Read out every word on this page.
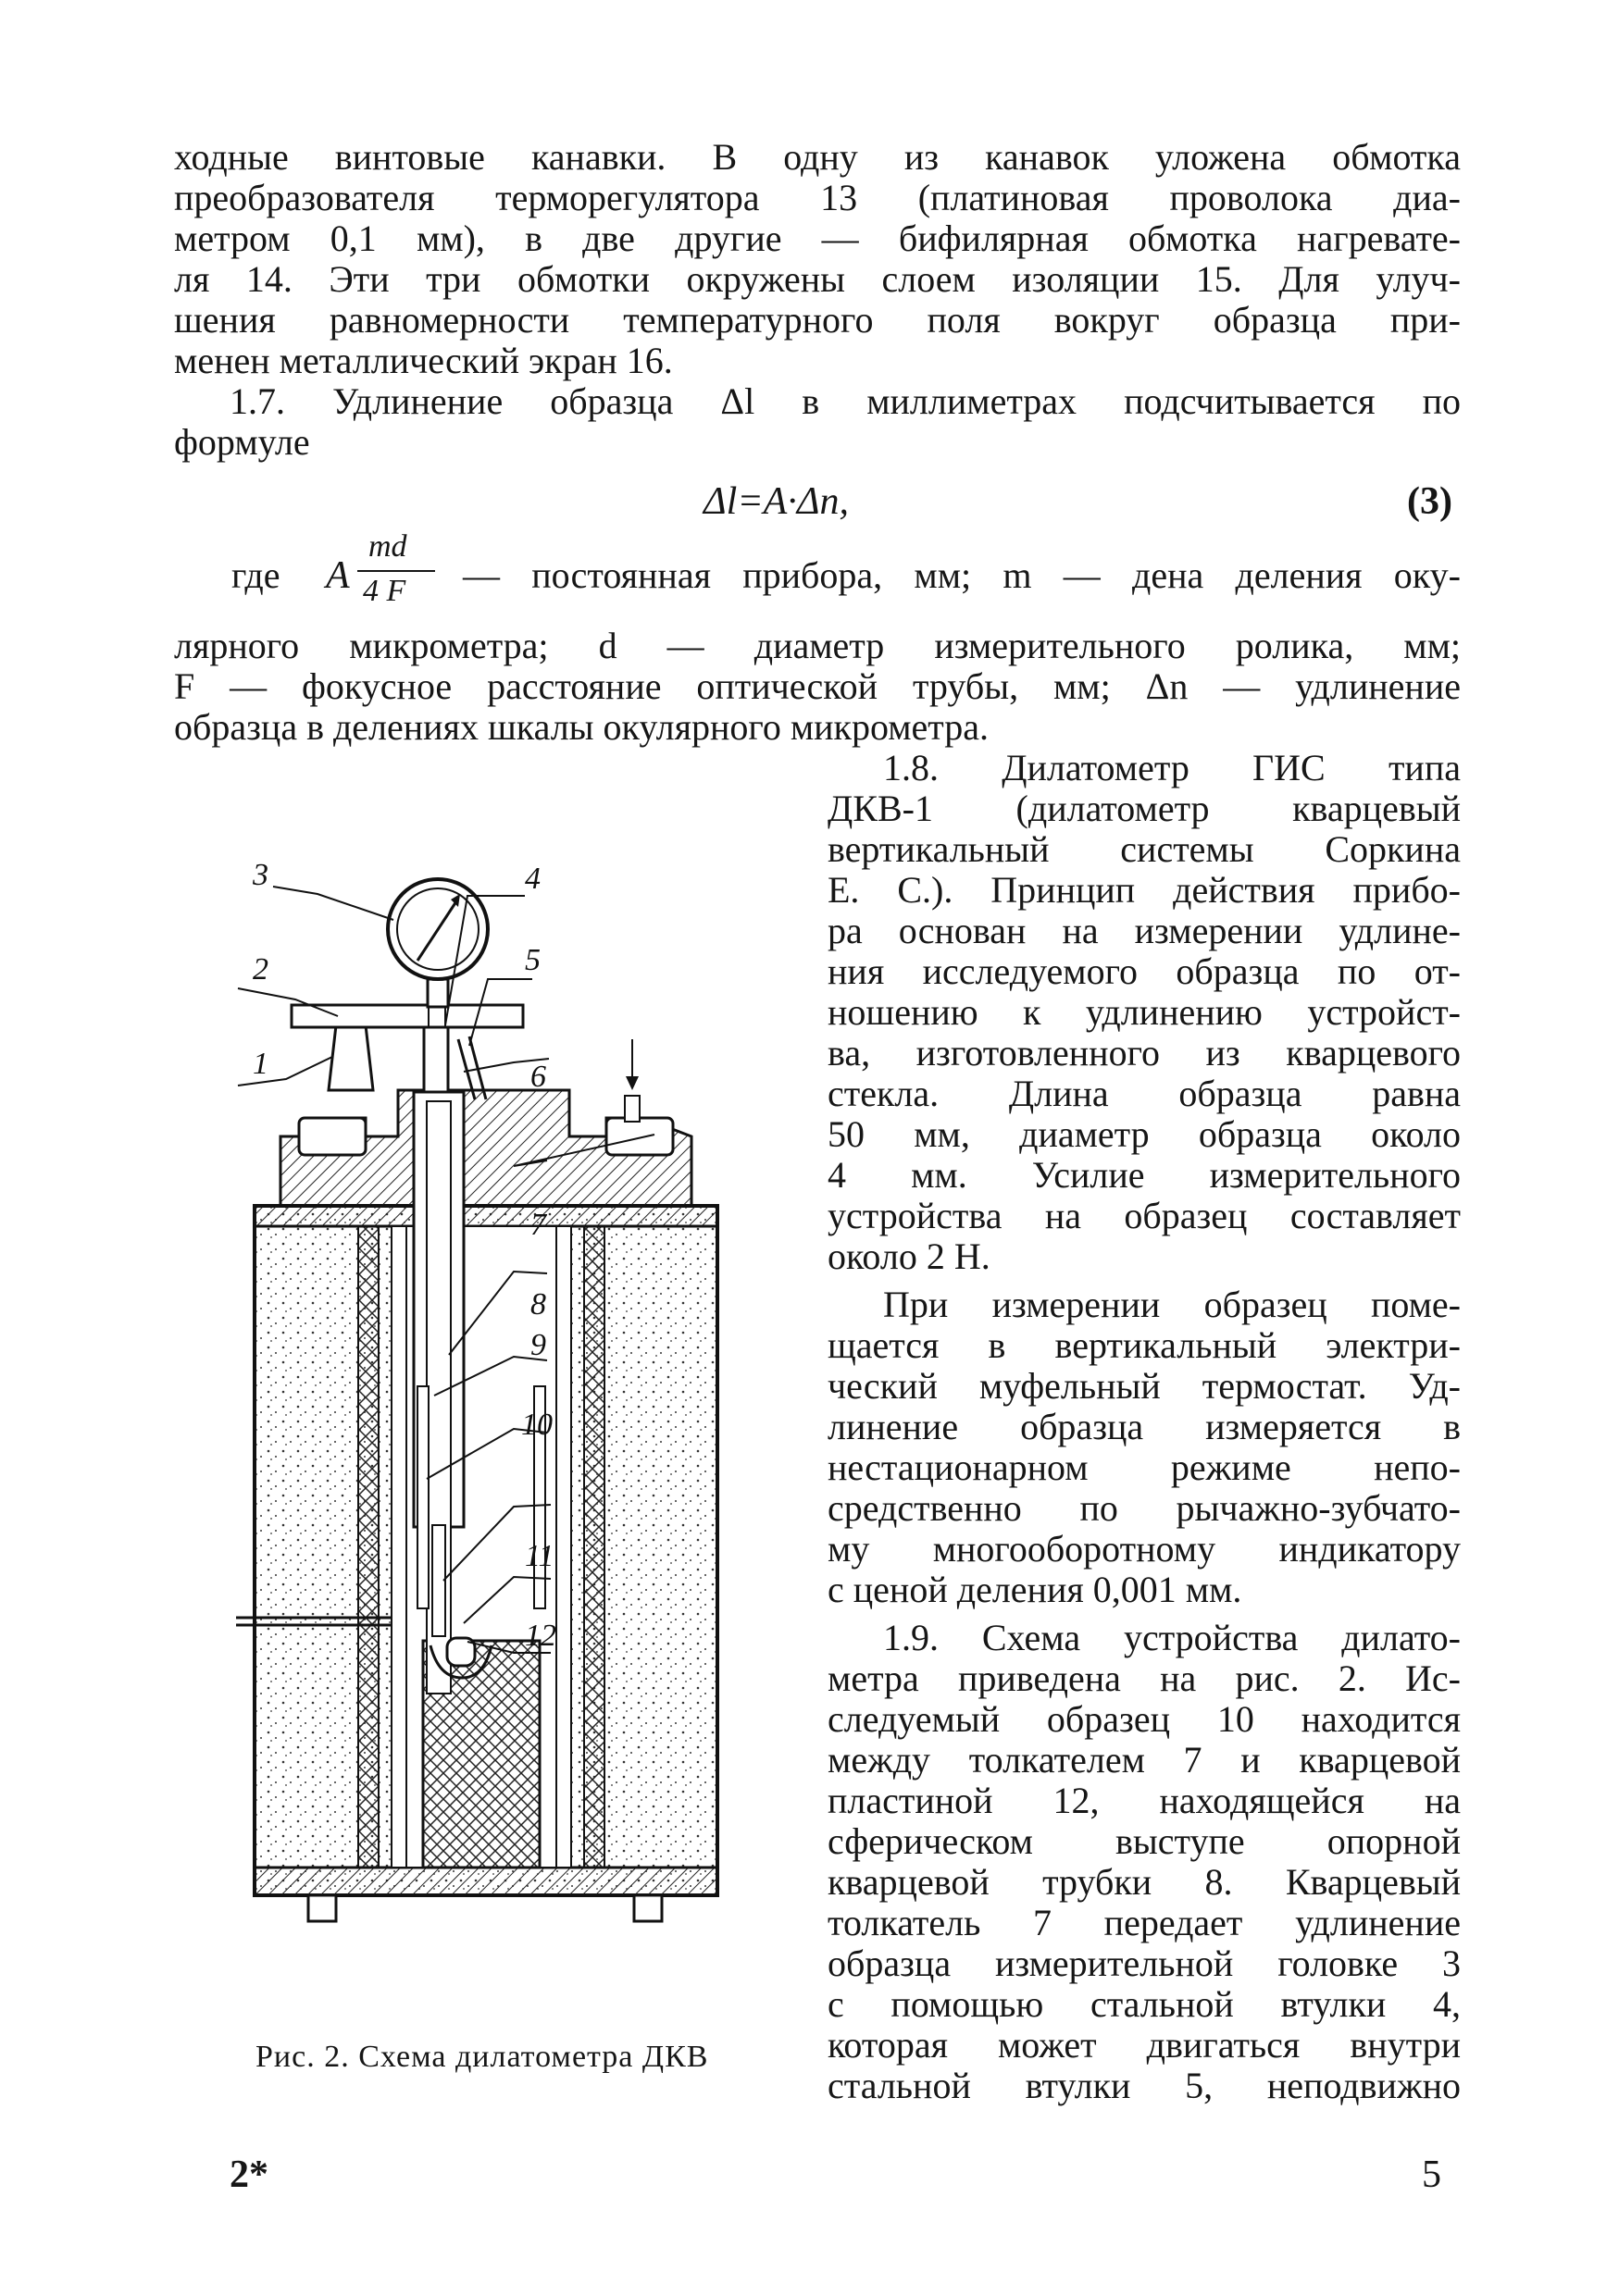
ходные винтовые канавки. В одну из канавок уложена обмотка
преобразователя терморегулятора 13 (платиновая проволока диа-
метром 0,1 мм), в две другие — бифилярная обмотка нагревате-
ля 14. Эти три обмотки окружены слоем изоляции 15. Для улуч-
шения равномерности температурного поля вокруг образца при-
менен металлический экран 16.
1.7. Удлинение образца Δl в миллиметрах подсчитывается по
формуле
Δl=A·Δn,	(3)
где A
md
4 F — постоянная прибора, мм; m — дена деления оку-
лярного микрометра; d — диаметр измерительного ролика, мм;
F — фокусное расстояние оптической трубы, мм; Δn — удлинение
образца в делениях шкалы окулярного микрометра.
1.8. Дилатометр ГИС типа
ДКВ-1 (дилатометр кварцевый
вертикальный системы Соркина
Е. С.). Принцип действия прибо-
ра основан на измерении удлине-
ния исследуемого образца по от-
ношению к удлинению устройст-
ва, изготовленного из кварцевого
стекла. Длина образца равна
50 мм, диаметр образца около
4 мм. Усилие измерительного
устройства на образец составляет
около 2 Н.
При измерении образец поме-
щается в вертикальный электри-
ческий муфельный термостат. Уд-
линение образца измеряется в
нестационарном режиме непо-
средственно по рычажно-зубчато-
му многооборотному индикатору
с ценой деления 0,001 мм.
1.9. Схема устройства дилато-
метра приведена на рис. 2. Ис-
следуемый образец 10 находится
между толкателем 7 и кварцевой
пластиной 12, находящейся на
сферическом выступе опорной
кварцевой трубки 8. Кварцевый
толкатель 7 передает удлинение
образца измерительной головке 3
с помощью стальной втулки 4,
которая может двигаться внутри
стальной втулки 5, неподвижно
3
2
1
4
5
6
7
8
9
10
11
12
Рис. 2. Схема дилатометра ДКВ
2*	5
